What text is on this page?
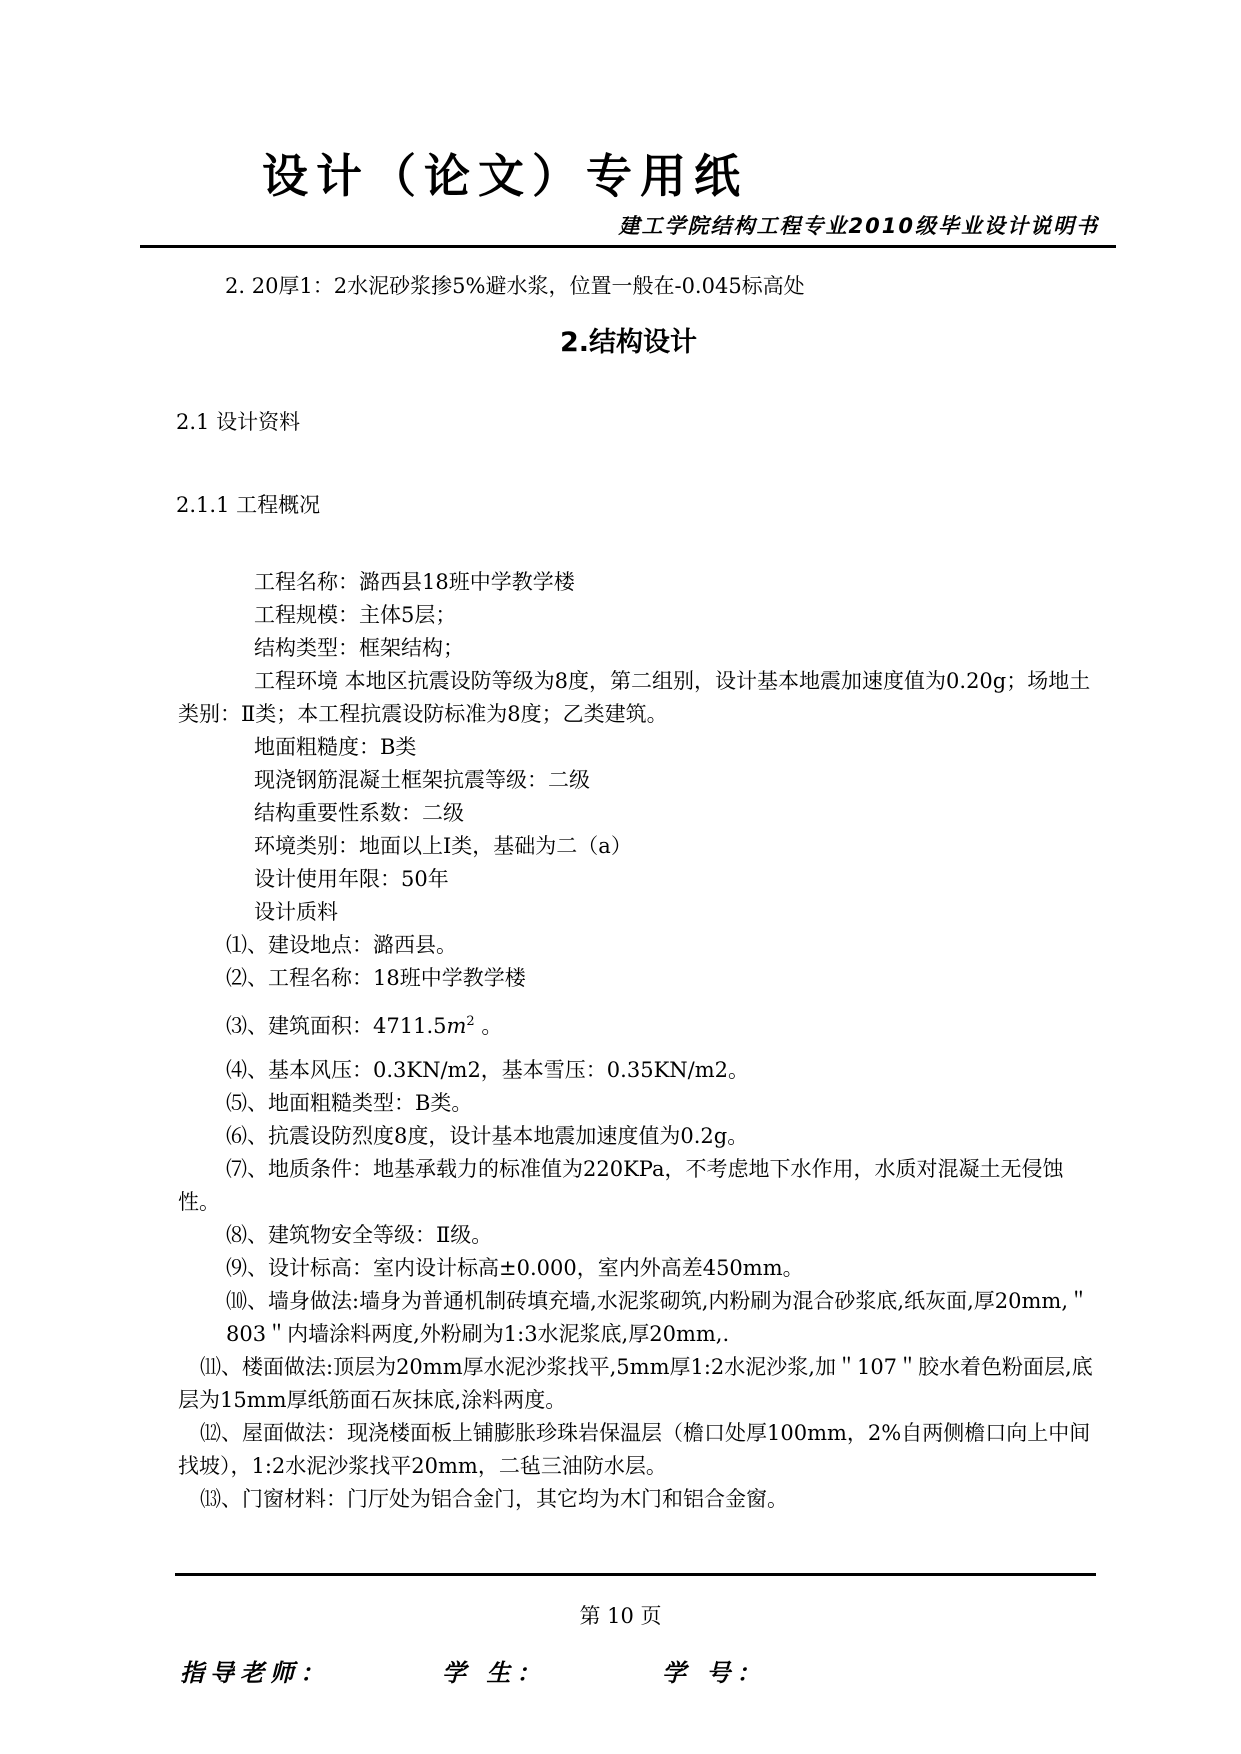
设计（论文）专用纸
建工学院结构工程专业2010级毕业设计说明书
2. 20厚1：2水泥砂浆掺5%避水浆，位置一般在-0.045标高处
2.结构设计
2.1 设计资料
2.1.1 工程概况
工程名称：潞西县18班中学教学楼
工程规模：主体5层；
结构类型：框架结构；
工程环境 本地区抗震设防等级为8度，第二组别，设计基本地震加速度值为0.20g；场地土类别：Ⅱ类；本工程抗震设防标准为8度；乙类建筑。
地面粗糙度：B类
现浇钢筋混凝土框架抗震等级：二级
结构重要性系数：二级
环境类别：地面以上Ⅰ类，基础为二（a）
设计使用年限：50年
设计质料
⑴、建设地点：潞西县。
⑵、工程名称：18班中学教学楼
⑶、建筑面积：$4711.5m^2$ 。
⑷、基本风压：0.3KN/m2，基本雪压：0.35KN/m2。
⑸、地面粗糙类型：B类。
⑹、抗震设防烈度8度，设计基本地震加速度值为0.2g。
⑺、地质条件：地基承载力的标准值为220KPa，不考虑地下水作用，水质对混凝土无侵蚀性。
⑻、建筑物安全等级：Ⅱ级。
⑼、设计标高：室内设计标高±0.000，室内外高差450mm。
⑽、墙身做法:墙身为普通机制砖填充墙,水泥浆砌筑,内粉刷为混合砂浆底,纸灰面,厚20mm,＂803＂内墙涂料两度,外粉刷为1:3水泥浆底,厚20mm,.
⑾、楼面做法:顶层为20mm厚水泥沙浆找平,5mm厚1:2水泥沙浆,加＂107＂胶水着色粉面层,底层为15mm厚纸筋面石灰抹底,涂料两度。
⑿、屋面做法：现浇楼面板上铺膨胀珍珠岩保温层（檐口处厚100mm，2%自两侧檐口向上中间找坡），1:2水泥沙浆找平20mm，二毡三油防水层。
⒀、门窗材料：门厅处为铝合金门，其它均为木门和铝合金窗。
第 10 页
指导老师：	学 生：	学 号：
